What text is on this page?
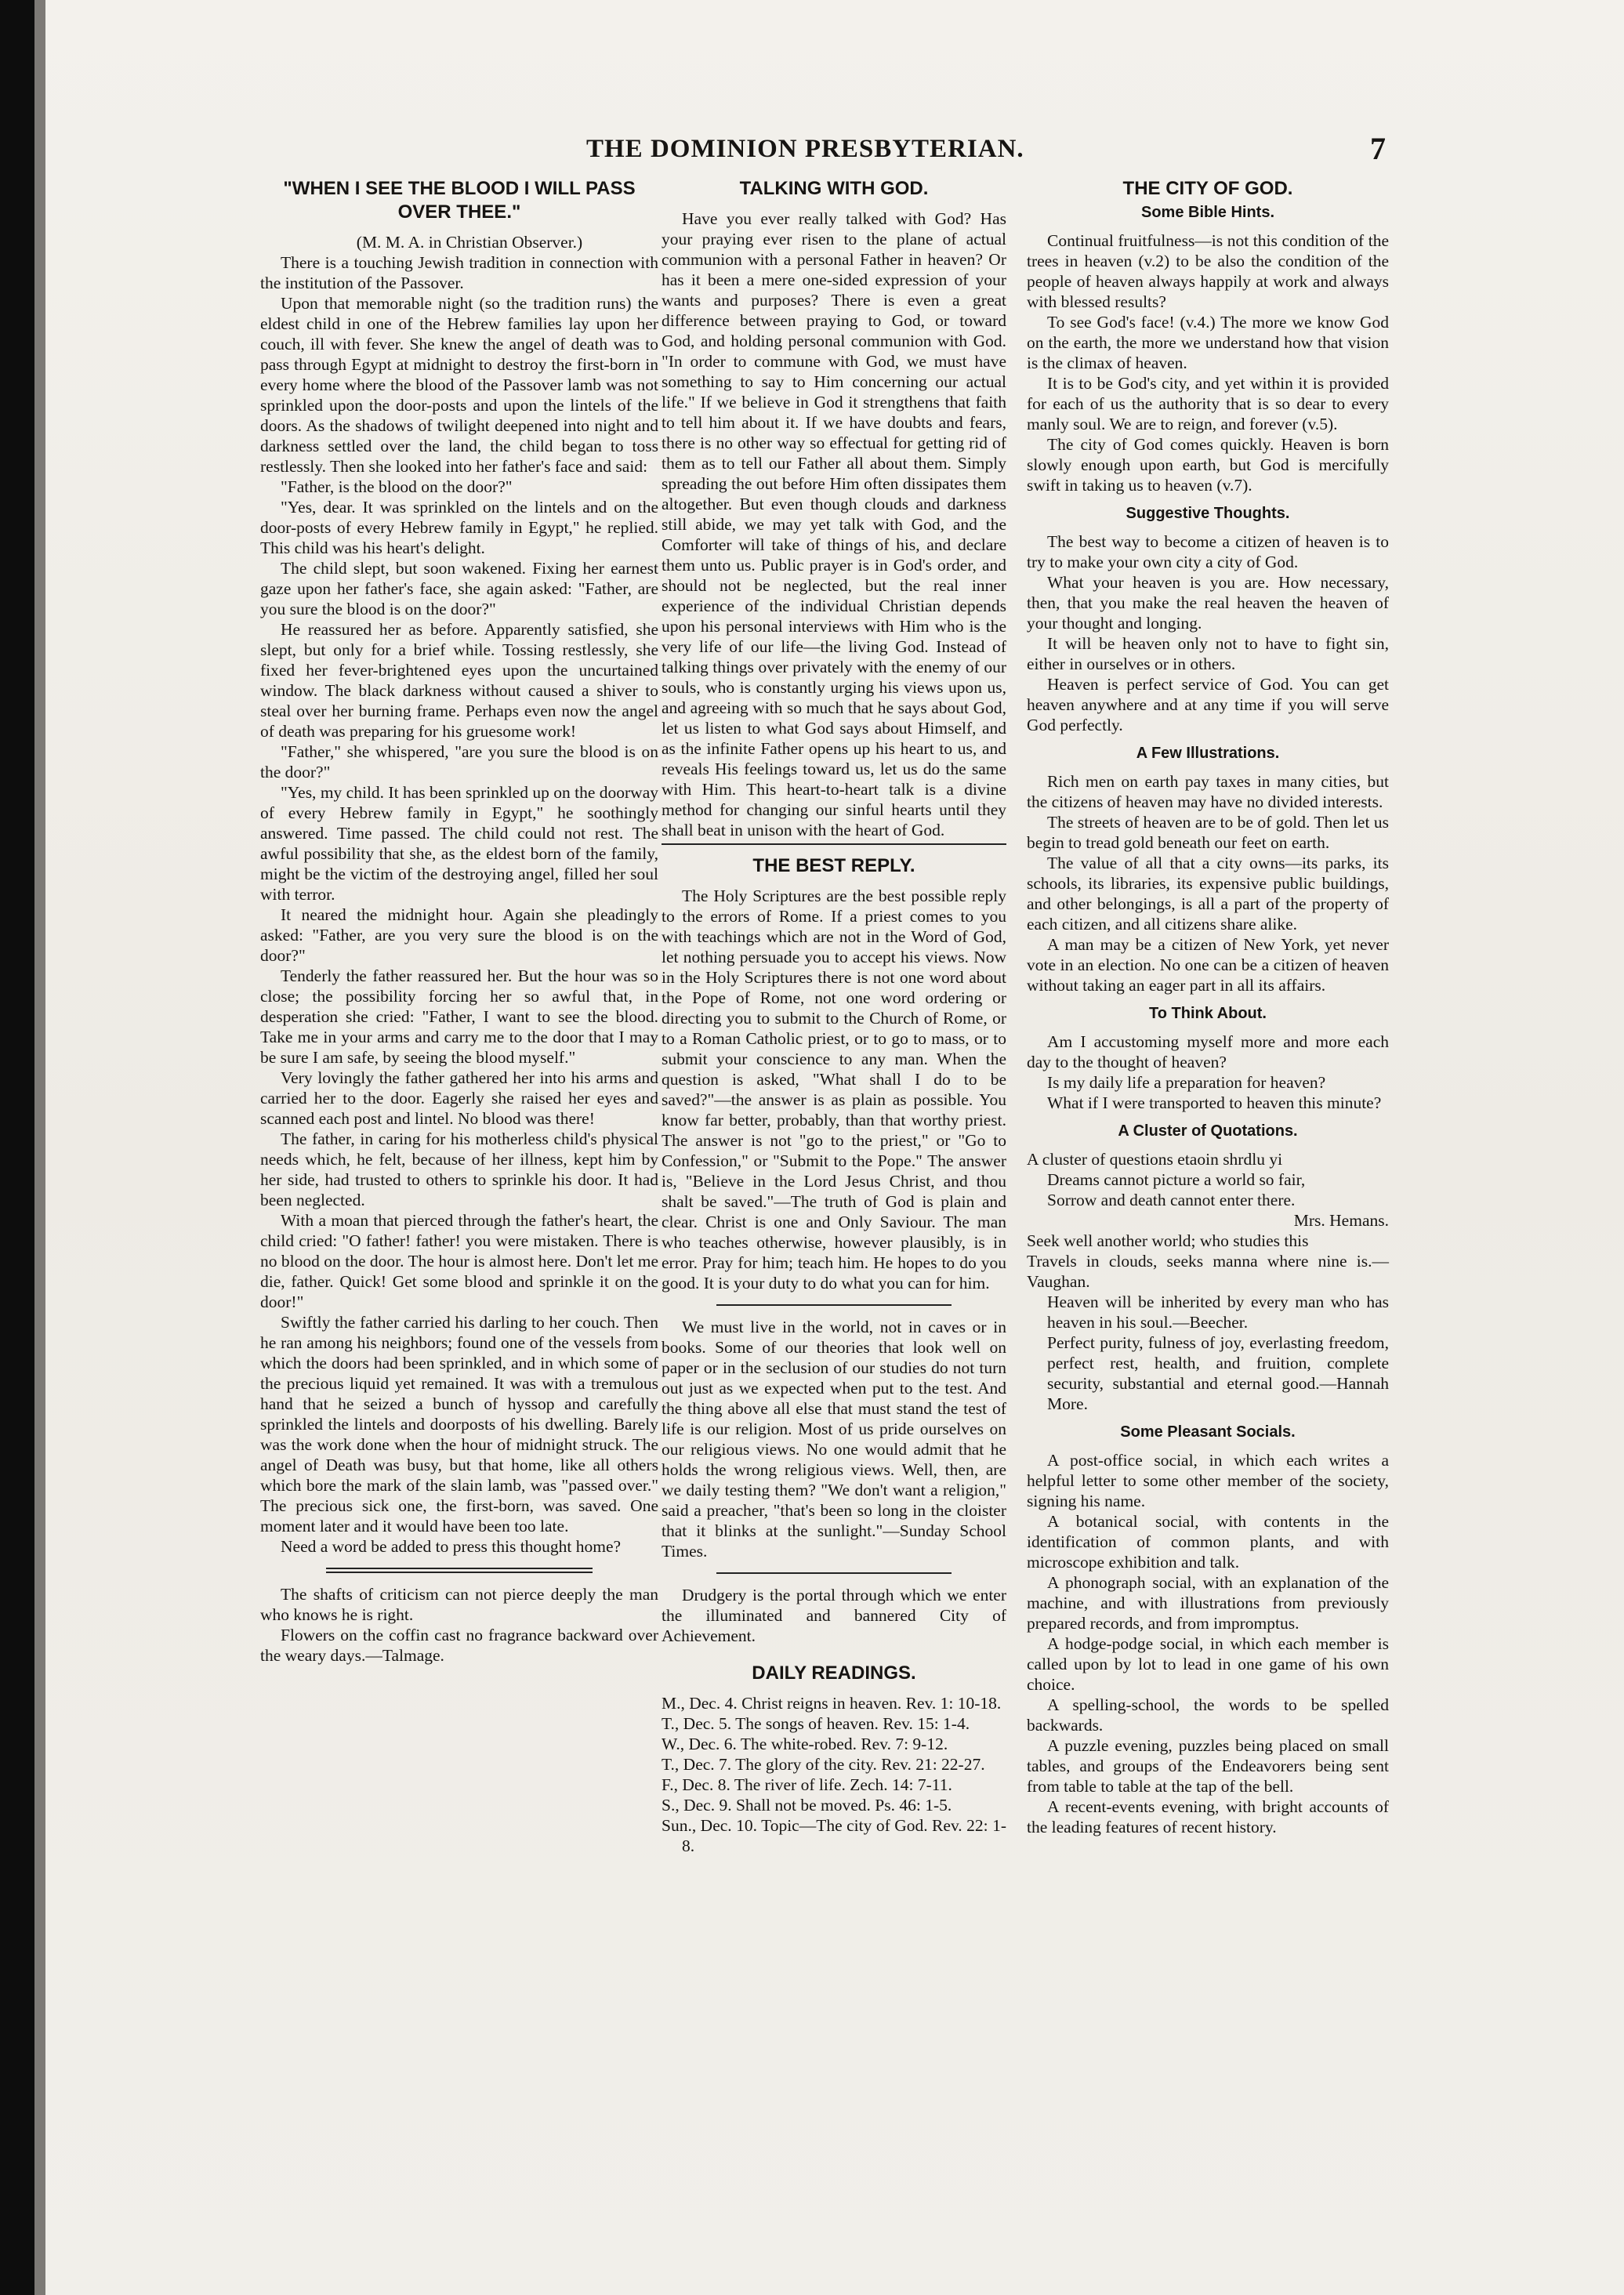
THE DOMINION PRESBYTERIAN.	7
"WHEN I SEE THE BLOOD I WILL PASS OVER THEE."

(M. M. A. in Christian Observer.)

There is a touching Jewish tradition in connection with the institution of the Passover.

Upon that memorable night (so the tradition runs) the eldest child in one of the Hebrew families lay upon her couch, ill with fever. She knew the angel of death was to pass through Egypt at midnight to destroy the first-born in every home where the blood of the Passover lamb was not sprinkled upon the door-posts and upon the lintels of the doors. As the shadows of twilight deepened into night and darkness settled over the land, the child began to toss restlessly. Then she looked into her father's face and said:

"Father, is the blood on the door?"

"Yes, dear. It was sprinkled on the lintels and on the door-posts of every Hebrew family in Egypt," he replied. This child was his heart's delight.

The child slept, but soon wakened. Fixing her earnest gaze upon her father's face, she again asked: "Father, are you sure the blood is on the door?"

He reassured her as before. Apparently satisfied, she slept, but only for a brief while. Tossing restlessly, she fixed her fever-brightened eyes upon the uncurtained window. The black darkness without caused a shiver to steal over her burning frame. Perhaps even now the angel of death was preparing for his gruesome work!

"Father," she whispered, "are you sure the blood is on the door?"

"Yes, my child. It has been sprinkled up on the doorway of every Hebrew family in Egypt," he soothingly answered. Time passed. The child could not rest. The awful possibility that she, as the eldest born of the family, might be the victim of the destroying angel, filled her soul with terror.

It neared the midnight hour. Again she pleadingly asked: "Father, are you very sure the blood is on the door?"

Tenderly the father reassured her. But the hour was so close; the possibility forcing her so awful that, in desperation she cried: "Father, I want to see the blood. Take me in your arms and carry me to the door that I may be sure I am safe, by seeing the blood myself."

Very lovingly the father gathered her into his arms and carried her to the door. Eagerly she raised her eyes and scanned each post and lintel. No blood was there!

The father, in caring for his motherless child's physical needs which, he felt, because of her illness, kept him by her side, had trusted to others to sprinkle his door. It had been neglected.

With a moan that pierced through the father's heart, the child cried: "O father! father! you were mistaken. There is no blood on the door. The hour is almost here. Don't let me die, father. Quick! Get some blood and sprinkle it on the door!"

Swiftly the father carried his darling to her couch. Then he ran among his neighbors; found one of the vessels from which the doors had been sprinkled, and in which some of the precious liquid yet remained. It was with a tremulous hand that he seized a bunch of hyssop and carefully sprinkled the lintels and doorposts of his dwelling. Barely was the work done when the hour of midnight struck. The angel of Death was busy, but that home, like all others which bore the mark of the slain lamb, was "passed over." The precious sick one, the first-born, was saved. One moment later and it would have been too late.

Need a word be added to press this thought home?

The shafts of criticism can not pierce deeply the man who knows he is right.

Flowers on the coffin cast no fragrance backward over the weary days.—Talmage.

TALKING WITH GOD.

Have you ever really talked with God? Has your praying ever risen to the plane of actual communion with a personal Father in heaven? Or has it been a mere one-sided expression of your wants and purposes? There is even a great difference between praying to God, or toward God, and holding personal communion with God. "In order to commune with God, we must have something to say to Him concerning our actual life." If we believe in God it strengthens that faith to tell him about it. If we have doubts and fears, there is no other way so effectual for getting rid of them as to tell our Father all about them. Simply spreading the out before Him often dissipates them altogether. But even though clouds and darkness still abide, we may yet talk with God, and the Comforter will take of things of his, and declare them unto us. Public prayer is in God's order, and should not be neglected, but the real inner experience of the individual Christian depends upon his personal interviews with Him who is the very life of our life—the living God. Instead of talking things over privately with the enemy of our souls, who is constantly urging his views upon us, and agreeing with so much that he says about God, let us listen to what God says about Himself, and as the infinite Father opens up his heart to us, and reveals His feelings toward us, let us do the same with Him. This heart-to-heart talk is a divine method for changing our sinful hearts until they shall beat in unison with the heart of God.

THE BEST REPLY.

The Holy Scriptures are the best possible reply to the errors of Rome. If a priest comes to you with teachings which are not in the Word of God, let nothing persuade you to accept his views. Now in the Holy Scriptures there is not one word about the Pope of Rome, not one word ordering or directing you to submit to the Church of Rome, or to a Roman Catholic priest, or to go to mass, or to submit your conscience to any man. When the question is asked, "What shall I do to be saved?"—the answer is as plain as possible. You know far better, probably, than that worthy priest. The answer is not "go to the priest," or "Go to Confession," or "Submit to the Pope." The answer is, "Believe in the Lord Jesus Christ, and thou shalt be saved."—The truth of God is plain and clear. Christ is one and Only Saviour. The man who teaches otherwise, however plausibly, is in error. Pray for him; teach him. He hopes to do you good. It is your duty to do what you can for him.

We must live in the world, not in caves or in books. Some of our theories that look well on paper or in the seclusion of our studies do not turn out just as we expected when put to the test. And the thing above all else that must stand the test of life is our religion. Most of us pride ourselves on our religious views. No one would admit that he holds the wrong religious views. Well, then, are we daily testing them? "We don't want a religion," said a preacher, "that's been so long in the cloister that it blinks at the sunlight."—Sunday School Times.

Drudgery is the portal through which we enter the illuminated and bannered City of Achievement.

DAILY READINGS.

M., Dec. 4. Christ reigns in heaven. Rev. 1: 10-18.

T., Dec. 5. The songs of heaven. Rev. 15: 1-4.

W., Dec. 6. The white-robed. Rev. 7: 9-12.

T., Dec. 7. The glory of the city. Rev. 21: 22-27.

F., Dec. 8. The river of life. Zech. 14: 7-11.

S., Dec. 9. Shall not be moved. Ps. 46: 1-5.

Sun., Dec. 10. Topic—The city of God. Rev. 22: 1-8.

THE CITY OF GOD.
Some Bible Hints.

Continual fruitfulness—is not this condition of the trees in heaven (v.2) to be also the condition of the people of heaven always happily at work and always with blessed results?

To see God's face! (v.4.) The more we know God on the earth, the more we understand how that vision is the climax of heaven.

It is to be God's city, and yet within it is provided for each of us the authority that is so dear to every manly soul. We are to reign, and forever (v.5).

The city of God comes quickly. Heaven is born slowly enough upon earth, but God is mercifully swift in taking us to heaven (v.7).

Suggestive Thoughts.

The best way to become a citizen of heaven is to try to make your own city a city of God.

What your heaven is you are. How necessary, then, that you make the real heaven the heaven of your thought and longing.

It will be heaven only not to have to fight sin, either in ourselves or in others.

Heaven is perfect service of God. You can get heaven anywhere and at any time if you will serve God perfectly.

A Few Illustrations.

Rich men on earth pay taxes in many cities, but the citizens of heaven may have no divided interests.

The streets of heaven are to be of gold. Then let us begin to tread gold beneath our feet on earth.

The value of all that a city owns—its parks, its schools, its libraries, its expensive public buildings, and other belongings, is all a part of the property of each citizen, and all citizens share alike.

A man may be a citizen of New York, yet never vote in an election. No one can be a citizen of heaven without taking an eager part in all its affairs.

To Think About.

Am I accustoming myself more and more each day to the thought of heaven?

Is my daily life a preparation for heaven?

What if I were transported to heaven this minute?

A Cluster of Quotations.

A cluster of questions etaoin shrdlu yi

Dreams cannot picture a world so fair,

Sorrow and death cannot enter there.

Mrs. Hemans.

Seek well another world; who studies this

Travels in clouds, seeks manna where nine is.—Vaughan.

Heaven will be inherited by every man who has heaven in his soul.—Beecher.

Perfect purity, fulness of joy, everlasting freedom, perfect rest, health, and fruition, complete security, substantial and eternal good.—Hannah More.

Some Pleasant Socials.

A post-office social, in which each writes a helpful letter to some other member of the society, signing his name.

A botanical social, with contents in the identification of common plants, and with microscope exhibition and talk.

A phonograph social, with an explanation of the machine, and with illustrations from previously prepared records, and from impromptus.

A hodge-podge social, in which each member is called upon by lot to lead in one game of his own choice.

A spelling-school, the words to be spelled backwards.

A puzzle evening, puzzles being placed on small tables, and groups of the Endeavorers being sent from table to table at the tap of the bell.

A recent-events evening, with bright accounts of the leading features of recent history.
